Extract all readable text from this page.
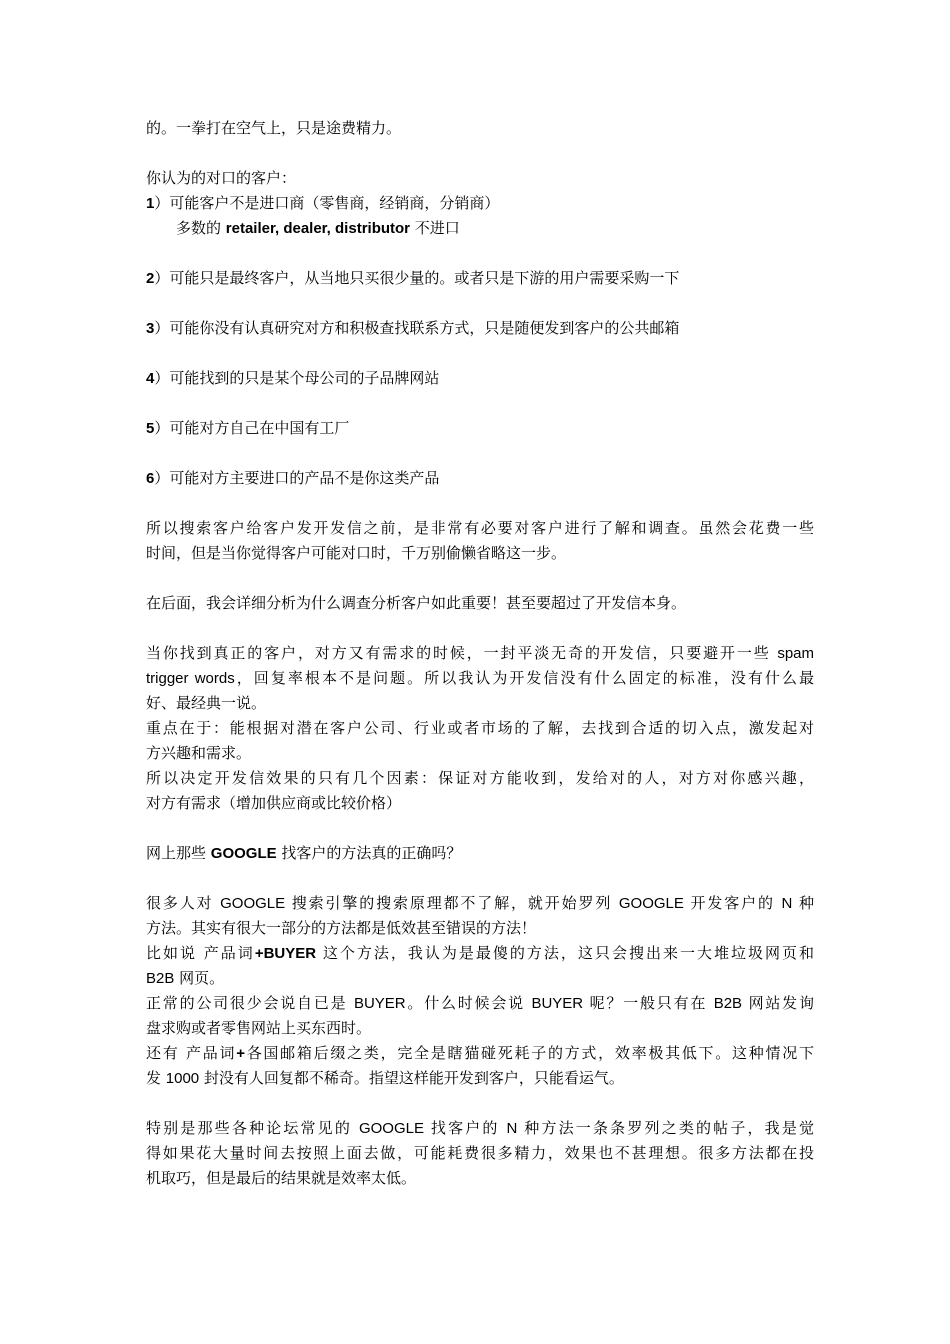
的。一拳打在空气上，只是途费精力。
你认为的对口的客户：
1）可能客户不是进口商（零售商，经销商，分销商）
多数的 retailer, dealer, distributor 不进口
2）可能只是最终客户，从当地只买很少量的。或者只是下游的用户需要采购一下
3）可能你没有认真研究对方和积极查找联系方式，只是随便发到客户的公共邮箱
4）可能找到的只是某个母公司的子品牌网站
5）可能对方自己在中国有工厂
6）可能对方主要进口的产品不是你这类产品
所以搜索客户给客户发开发信之前，是非常有必要对客户进行了解和调查。虽然会花费一些
时间，但是当你觉得客户可能对口时，千万别偷懒省略这一步。
在后面，我会详细分析为什么调查分析客户如此重要！甚至要超过了开发信本身。
当你找到真正的客户，对方又有需求的时候，一封平淡无奇的开发信，只要避开一些 spam
trigger words，回复率根本不是问题。所以我认为开发信没有什么固定的标准，没有什么最
好、最经典一说。
重点在于：能根据对潜在客户公司、行业或者市场的了解，去找到合适的切入点，激发起对
方兴趣和需求。
所以决定开发信效果的只有几个因素：保证对方能收到，发给对的人，对方对你感兴趣，
对方有需求（增加供应商或比较价格）
网上那些 GOOGLE 找客户的方法真的正确吗？
很多人对 GOOGLE 搜索引擎的搜索原理都不了解，就开始罗列 GOOGLE 开发客户的 N 种
方法。其实有很大一部分的方法都是低效甚至错误的方法！
比如说 产品词+BUYER 这个方法，我认为是最傻的方法，这只会搜出来一大堆垃圾网页和
B2B 网页。
正常的公司很少会说自已是 BUYER。什么时候会说 BUYER 呢？一般只有在 B2B 网站发询
盘求购或者零售网站上买东西时。
还有 产品词+各国邮箱后缀之类，完全是瞎猫碰死耗子的方式，效率极其低下。这种情况下
发 1000 封没有人回复都不稀奇。指望这样能开发到客户，只能看运气。
特别是那些各种论坛常见的 GOOGLE 找客户的 N 种方法一条条罗列之类的帖子，我是觉
得如果花大量时间去按照上面去做，可能耗费很多精力，效果也不甚理想。很多方法都在投
机取巧，但是最后的结果就是效率太低。
